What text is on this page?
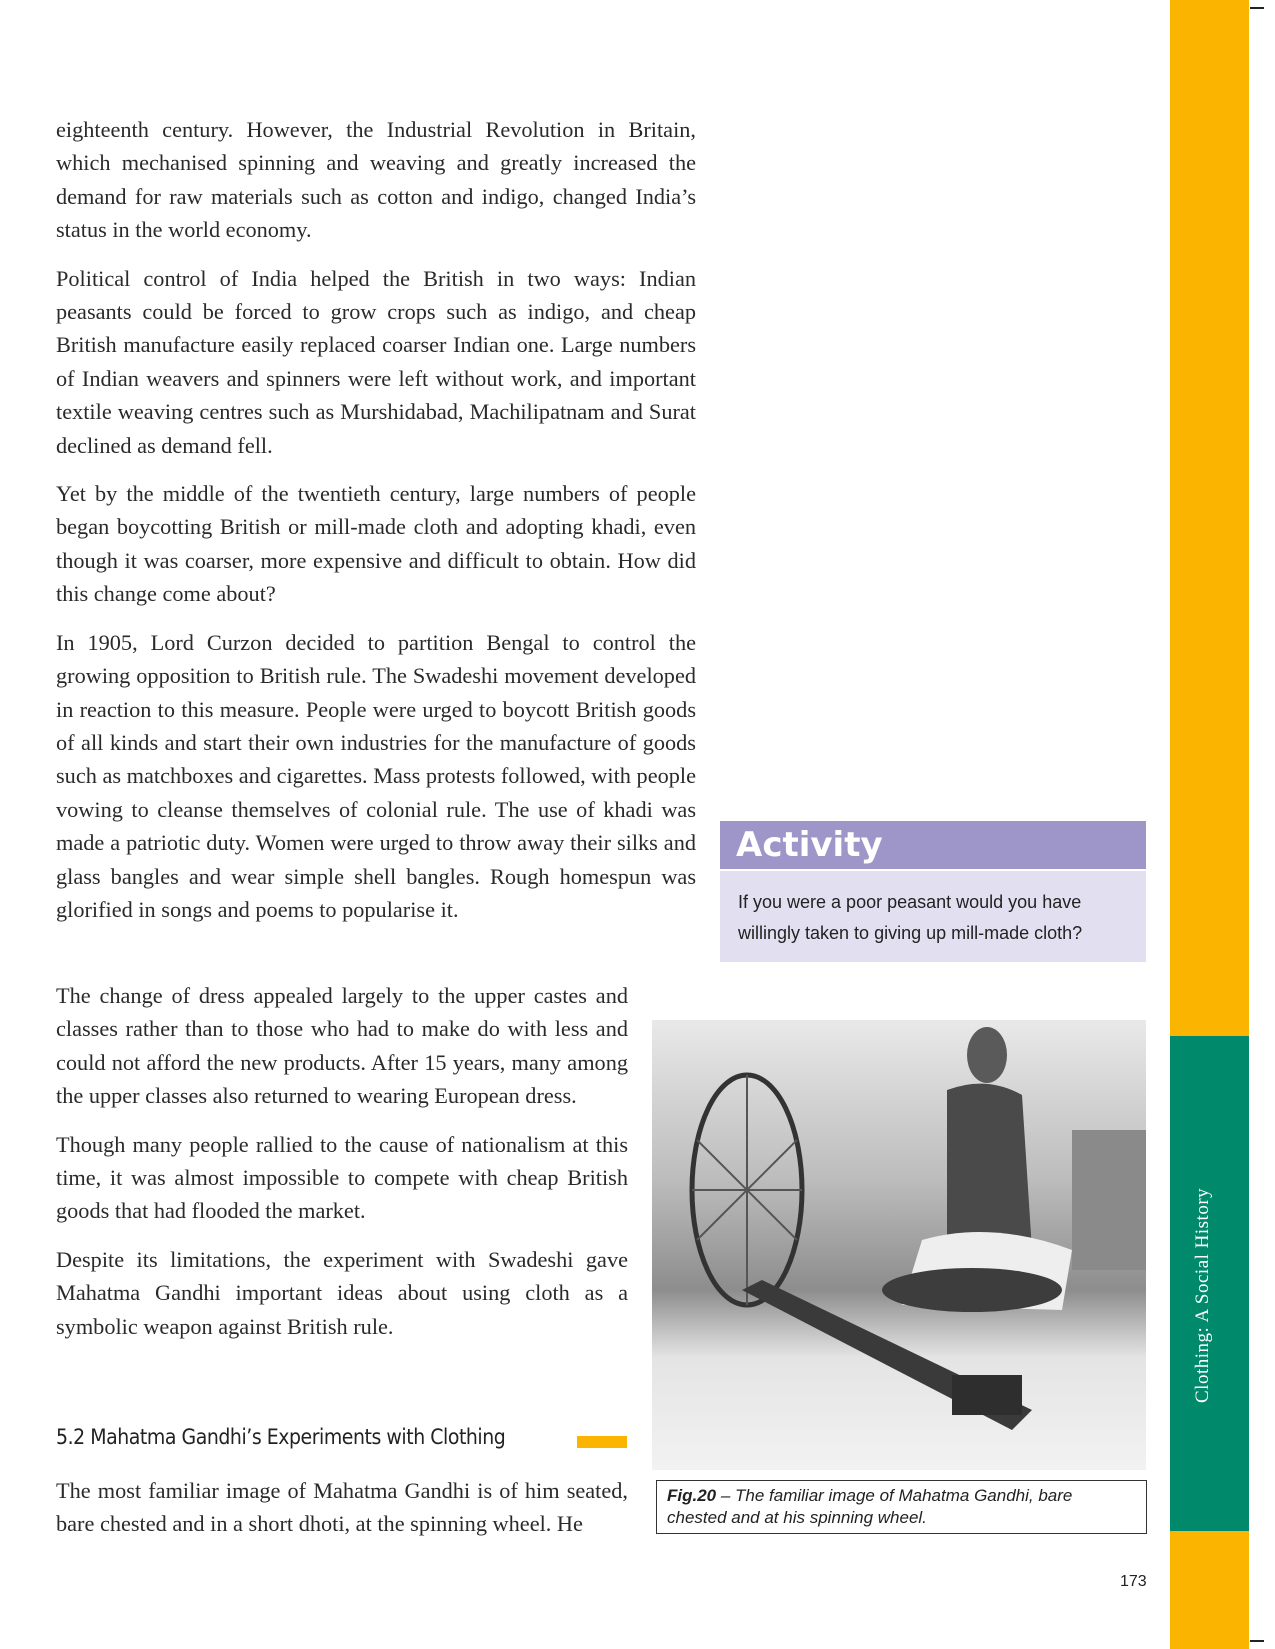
Clothing: A Social History

eighteenth century. However, the Industrial Revolution in Britain, which mechanised spinning and weaving and greatly increased the demand for raw materials such as cotton and indigo, changed India’s status in the world economy.

Political control of India helped the British in two ways: Indian peasants could be forced to grow crops such as indigo, and cheap British manufacture easily replaced coarser Indian one. Large numbers of Indian weavers and spinners were left without work, and important textile weaving centres such as Murshidabad, Machilipatnam and Surat declined as demand fell.

Yet by the middle of the twentieth century, large numbers of people began boycotting British or mill-made cloth and adopting khadi, even though it was coarser, more expensive and difficult to obtain. How did this change come about?

In 1905, Lord Curzon decided to partition Bengal to control the growing opposition to British rule. The Swadeshi movement developed in reaction to this measure. People were urged to boycott British goods of all kinds and start their own industries for the manufacture of goods such as matchboxes and cigarettes. Mass protests followed, with people vowing to cleanse themselves of colonial rule. The use of khadi was made a patriotic duty. Women were urged to throw away their silks and glass bangles and wear simple shell bangles. Rough homespun was glorified in songs and poems to popularise it.

The change of dress appealed largely to the upper castes and classes rather than to those who had to make do with less and could not afford the new products. After 15 years, many among the upper classes also returned to wearing European dress.

Though many people rallied to the cause of nationalism at this time, it was almost impossible to compete with cheap British goods that had flooded the market.

Despite its limitations, the experiment with Swadeshi gave Mahatma Gandhi important ideas about using cloth as a symbolic weapon against British rule.

5.2 Mahatma Gandhi’s Experiments with Clothing

The most familiar image of Mahatma Gandhi is of him seated, bare chested and in a short dhoti, at the spinning wheel. He

Activity
If you were a poor peasant would you have willingly taken to giving up mill-made cloth?
Fig.20 – The familiar image of Mahatma Gandhi, bare chested and at his spinning wheel.
173
